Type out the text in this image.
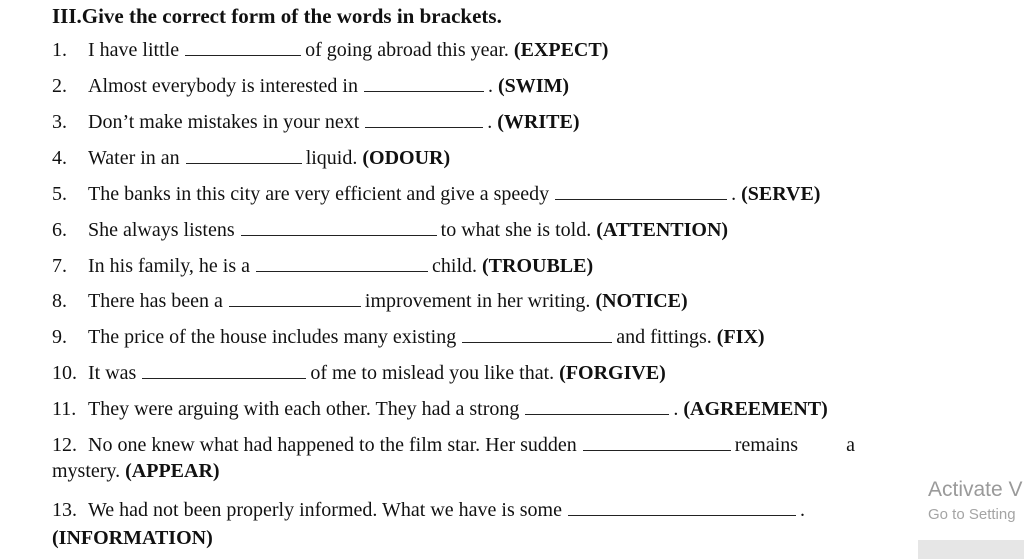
III.Give the correct form of the words in brackets.
1. I have little	of going abroad this year. (EXPECT)
2. Almost everybody is interested in	. (SWIM)
3. Don’t make mistakes in your next	. (WRITE)
4. Water in an	liquid. (ODOUR)
5. The banks in this city are very efficient and give a speedy	. (SERVE)
6. She always listens	to what she is told. (ATTENTION)
7. In his family, he is a	child. (TROUBLE)
8. There has been a	improvement in her writing. (NOTICE)
9. The price of the house includes many existing	and fittings. (FIX)
10. It was	of me to mislead you like that. (FORGIVE)
11. They were arguing with each other. They had a strong	. (AGREEMENT)
12. No one knew what had happened to the film star. Her sudden	remains a
mystery. (APPEAR)
13. We had not been properly informed. What we have is some	.
(INFORMATION)
Activate V
Go to Setting
